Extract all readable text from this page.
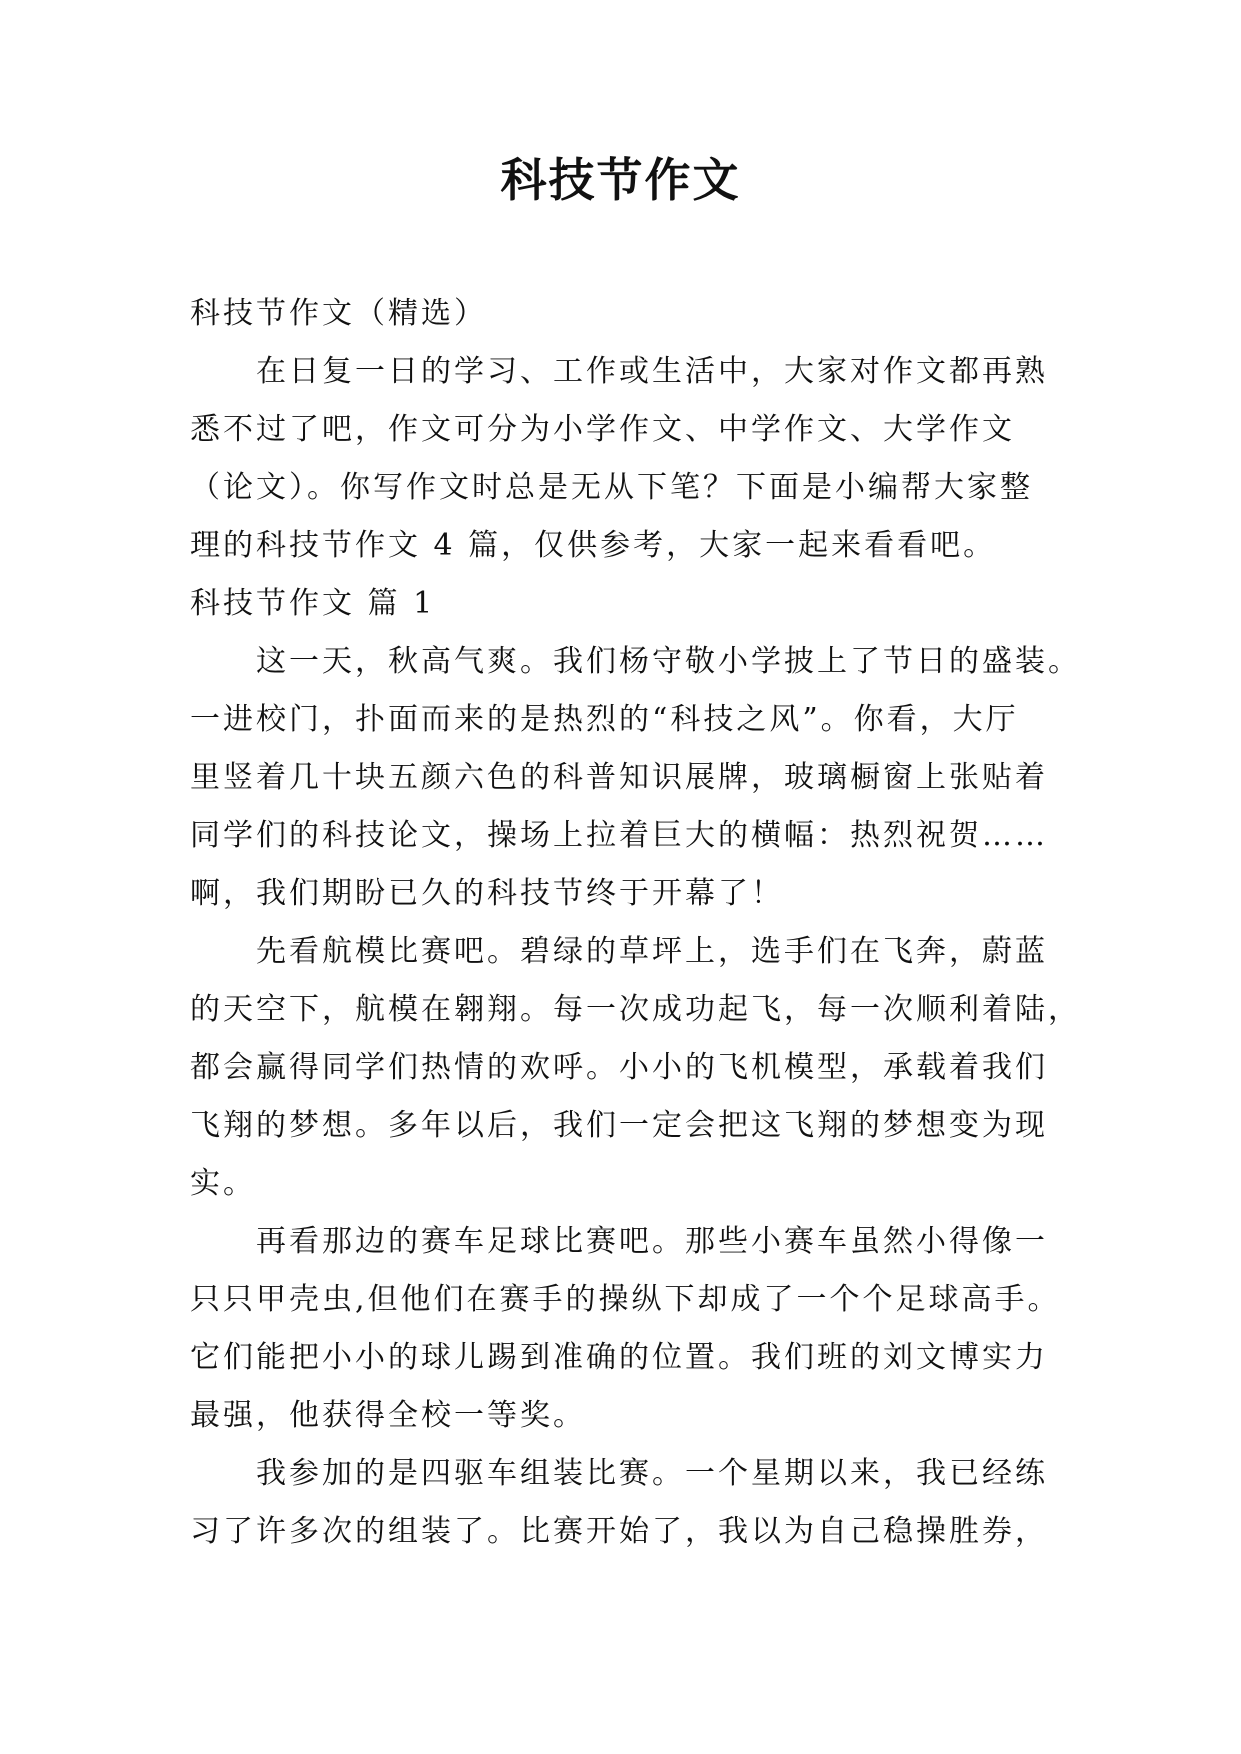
科技节作文

科技节作文（精选）

在日复一日的学习、工作或生活中，大家对作文都再熟

悉不过了吧，作文可分为小学作文、中学作文、大学作文

（论文）。你写作文时总是无从下笔？下面是小编帮大家整

理的科技节作文 4 篇，仅供参考，大家一起来看看吧。

科技节作文 篇 1

这一天，秋高气爽。我们杨守敬小学披上了节日的盛装。

一进校门，扑面而来的是热烈的“科技之风”。你看，大厅

里竖着几十块五颜六色的科普知识展牌，玻璃橱窗上张贴着

同学们的科技论文，操场上拉着巨大的横幅：热烈祝贺……

啊，我们期盼已久的科技节终于开幕了！

先看航模比赛吧。碧绿的草坪上，选手们在飞奔，蔚蓝

的天空下，航模在翱翔。每一次成功起飞，每一次顺利着陆，

都会赢得同学们热情的欢呼。小小的飞机模型，承载着我们

飞翔的梦想。多年以后，我们一定会把这飞翔的梦想变为现

实。

再看那边的赛车足球比赛吧。那些小赛车虽然小得像一

只只甲壳虫,但他们在赛手的操纵下却成了一个个足球高手。

它们能把小小的球儿踢到准确的位置。我们班的刘文博实力

最强，他获得全校一等奖。

我参加的是四驱车组装比赛。一个星期以来，我已经练

习了许多次的组装了。比赛开始了，我以为自己稳操胜券，
